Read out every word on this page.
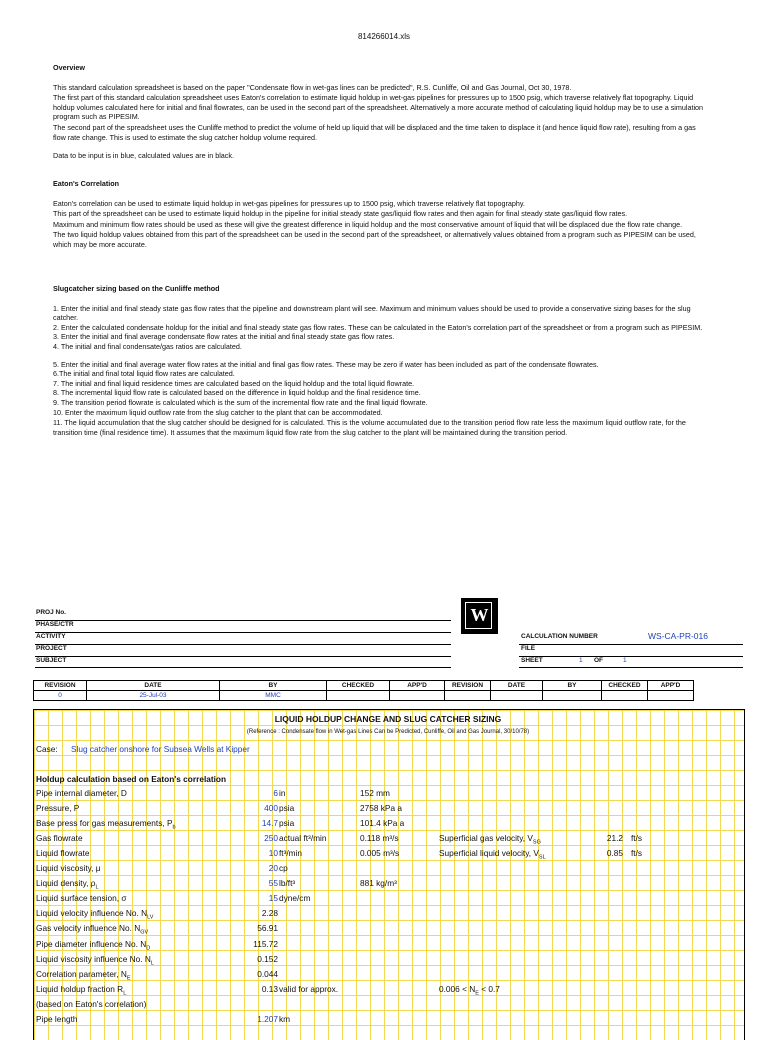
814266014.xls

Overview

This standard calculation spreadsheet is based on the paper "Condensate flow in wet-gas lines can be predicted", R.S. Cunliffe, Oil and Gas Journal, Oct 30, 1978.

The first part of this standard calculation spreadsheet uses Eaton's correlation to estimate liquid holdup in wet-gas pipelines for pressures up to 1500 psig, which traverse relatively flat topography. Liquid holdup volumes calculated here for initial and final flowrates, can be used in the second part of the spreadsheet. Alternatively a more accurate method of calculating liquid holdup may be to use a simulation program such as PIPESIM.

The second part of the spreadsheet uses the Cunliffe method to predict the volume of held up liquid that will be displaced and the time taken to displace it (and hence liquid flow rate), resulting from a gas flow rate change. This is used to estimate the slug catcher holdup volume required.

Data to be input is in blue, calculated values are in black.

Eaton's Correlation

Eaton's correlation can be used to estimate liquid holdup in wet-gas pipelines for pressures up to 1500 psig, which traverse relatively flat topography.

This part of the spreadsheet can be used to estimate liquid holdup in the pipeline for initial steady state gas/liquid flow rates and then again for final steady state gas/liquid flow rates.

Maximum and minimum flow rates should be used as these will give the greatest difference in liquid holdup and the most conservative amount of liquid that will be displaced due the flow rate change.

The two liquid holdup values obtained from this part of the spreadsheet can be used in the second part of the spreadsheet, or alternatively values obtained from a program such as PIPESIM can be used, which may be more accurate.

Slugcatcher sizing based on the Cunliffe method

1. Enter the initial and final steady state gas flow rates that the pipeline and downstream plant will see. Maximum and minimum values should be used to provide a conservative sizing bases for the slug catcher.

2. Enter the calculated condensate holdup for the initial and final steady state gas flow rates. These can be calculated in the Eaton's correlation part of the spreadsheet or from a program such as PIPESIM.

3. Enter the initial and final average condensate flow rates at the initial and final steady state gas flow rates.

4. The initial and final condensate/gas ratios are calculated.

5. Enter the initial and final average water flow rates at the initial and final gas flow rates. These may be zero if water has been included as part of the condensate flowrates.

6.The initial and final total liquid flow rates are calculated.

7. The initial and final liquid residence times are calculated based on the liquid holdup and the total liquid flowrate.

8. The incremental liquid flow rate is calculated based on the difference in liquid holdup and the final residence time.

9. The transition period flowrate is calculated which is the sum of the incremental flow rate and the final liquid flowrate.

10. Enter the maximum liquid outflow rate from the slug catcher to the plant that can be accommodated.

11. The liquid accumulation that the slug catcher should be designed for is calculated. This is the volume accumulated due to the transition period flow rate less the maximum liquid outflow rate, for the transition time (final residence time). It assumes that the maximum liquid flow rate from the slug catcher to the plant will be maintained during the transition period.

PROJ No.
PHASE/CTR
ACTIVITY
PROJECT
SUBJECT
W
CALCULATION NUMBER	WS-CA-PR-016
FILE
SHEET	1 OF	1
REVISION	DATE	BY	CHECKED	APP'D	REVISION	DATE	BY	CHECKED	APP'D
0	25-Jul-03	MMC							
LIQUID HOLDUP CHANGE AND SLUG CATCHER SIZING
(Reference : Condensate flow in Wet-gas Lines Can be Predicted, Cunliffe, Oil and Gas Journal, 30/10/78)
Case: Slug catcher onshore for Subsea Wells at Kipper
Holdup calculation based on Eaton's correlation
Pipe internal diameter, D	6 in	152 mm
Pressure, P	400 psia	2758 kPa a
Base press for gas measurements, $P_b$	14.7 psia	101.4 kPa a
Gas flowrate	250 actual ft³/min	0.118 m³/s	Superficial gas velocity, $V_{SG}$	21.2 ft/s
Liquid flowrate	10 ft³/min	0.005 m³/s	Superficial liquid velocity, $V_{SL}$	0.85 ft/s
Liquid viscosity, μ	20 cp
Liquid density, $\rho_L$	55 lb/ft³	881 kg/m³
Liquid surface tension, σ	15 dyne/cm
Liquid velocity influence No. $N_{LV}$	2.28
Gas velocity influence No. $N_{GV}$	56.91
Pipe diameter influence No. $N_D$	115.72
Liquid viscosity influence No. $N_L$	0.152
Correlation parameter, $N_E$	0.044
Liquid holdup fraction $R_L$	0.13 valid for approx.	$0.006 < N_E < 0.7$
(based on Eaton's correlation)
Pipe length	1.207 km
